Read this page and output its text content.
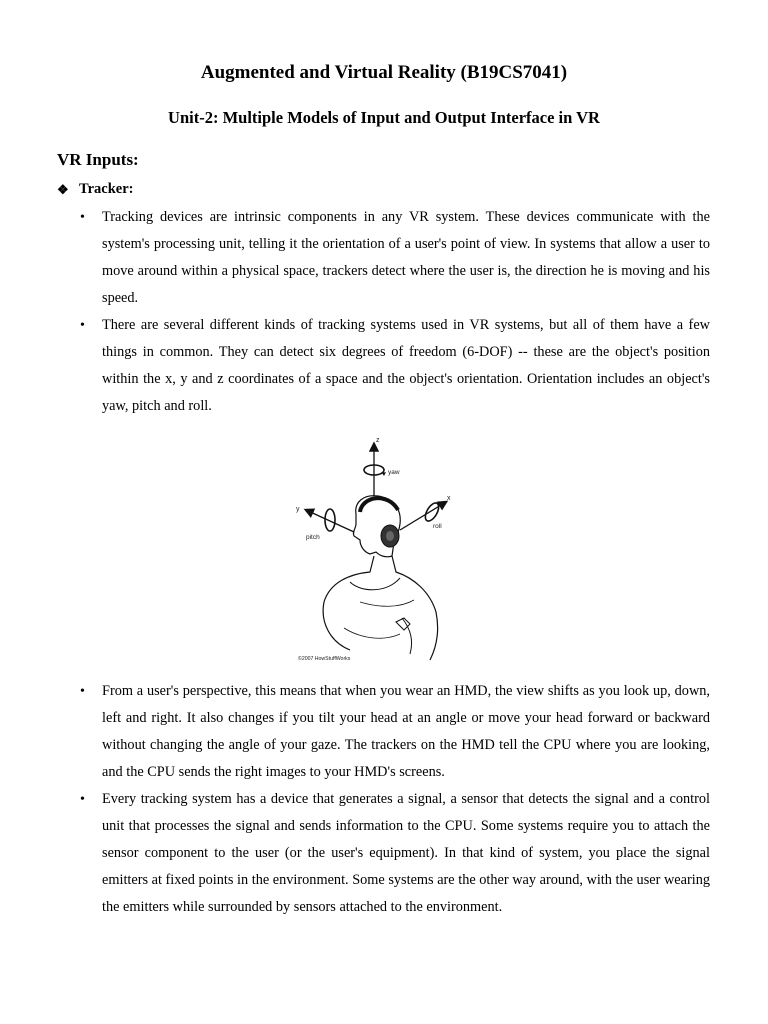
Augmented and Virtual Reality (B19CS7041)
Unit-2: Multiple Models of Input and Output Interface in VR
VR Inputs:
❖ Tracker:
• Tracking devices are intrinsic components in any VR system. These devices communicate with the system's processing unit, telling it the orientation of a user's point of view. In systems that allow a user to move around within a physical space, trackers detect where the user is, the direction he is moving and his speed.
• There are several different kinds of tracking systems used in VR systems, but all of them have a few things in common. They can detect six degrees of freedom (6-DOF) -- these are the object's position within the x, y and z coordinates of a space and the object's orientation. Orientation includes an object's yaw, pitch and roll.
z
yaw
y
pitch
x
roll
©2007 HowStuffWorks
• From a user's perspective, this means that when you wear an HMD, the view shifts as you look up, down, left and right. It also changes if you tilt your head at an angle or move your head forward or backward without changing the angle of your gaze. The trackers on the HMD tell the CPU where you are looking, and the CPU sends the right images to your HMD's screens.
• Every tracking system has a device that generates a signal, a sensor that detects the signal and a control unit that processes the signal and sends information to the CPU. Some systems require you to attach the sensor component to the user (or the user's equipment). In that kind of system, you place the signal emitters at fixed points in the environment. Some systems are the other way around, with the user wearing the emitters while surrounded by sensors attached to the environment.
